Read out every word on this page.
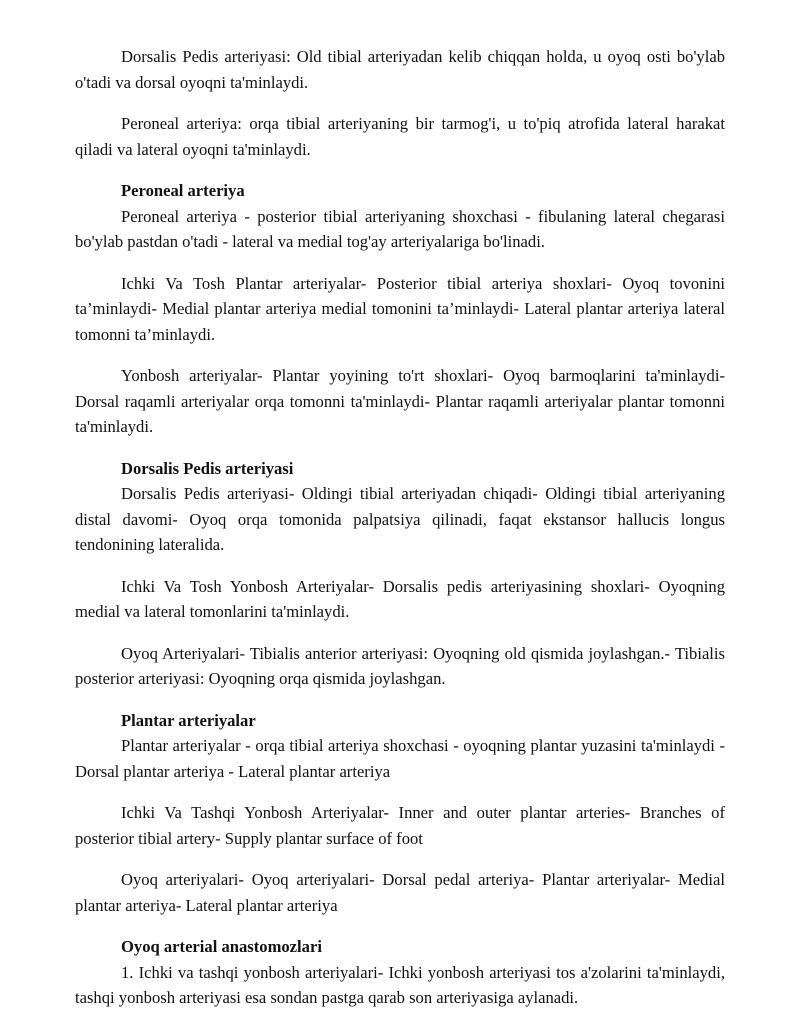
Dorsalis Pedis arteriyasi: Old tibial arteriyadan kelib chiqqan holda, u oyoq osti bo'ylab o'tadi va dorsal oyoqni ta'minlaydi.

Peroneal arteriya: orqa tibial arteriyaning bir tarmog'i, u to'piq atrofida lateral harakat qiladi va lateral oyoqni ta'minlaydi.

Peroneal arteriya

Peroneal arteriya - posterior tibial arteriyaning shoxchasi - fibulaning lateral chegarasi bo'ylab pastdan o'tadi - lateral va medial tog'ay arteriyalariga bo'linadi.

Ichki Va Tosh Plantar arteriyalar- Posterior tibial arteriya shoxlari- Oyoq tovonini ta’minlaydi- Medial plantar arteriya medial tomonini ta’minlaydi- Lateral plantar arteriya lateral tomonni ta’minlaydi.

Yonbosh arteriyalar- Plantar yoyining to'rt shoxlari- Oyoq barmoqlarini ta'minlaydi- Dorsal raqamli arteriyalar orqa tomonni ta'minlaydi- Plantar raqamli arteriyalar plantar tomonni ta'minlaydi.

Dorsalis Pedis arteriyasi

Dorsalis Pedis arteriyasi- Oldingi tibial arteriyadan chiqadi- Oldingi tibial arteriyaning distal davomi- Oyoq orqa tomonida palpatsiya qilinadi, faqat ekstansor hallucis longus tendonining lateralida.

Ichki Va Tosh Yonbosh Arteriyalar- Dorsalis pedis arteriyasining shoxlari- Oyoqning medial va lateral tomonlarini ta'minlaydi.

Oyoq Arteriyalari- Tibialis anterior arteriyasi: Oyoqning old qismida joylashgan.- Tibialis posterior arteriyasi: Oyoqning orqa qismida joylashgan.

Plantar arteriyalar

Plantar arteriyalar - orqa tibial arteriya shoxchasi - oyoqning plantar yuzasini ta'minlaydi - Dorsal plantar arteriya - Lateral plantar arteriya

Ichki Va Tashqi Yonbosh Arteriyalar- Inner and outer plantar arteries- Branches of posterior tibial artery- Supply plantar surface of foot

Oyoq arteriyalari- Oyoq arteriyalari- Dorsal pedal arteriya- Plantar arteriyalar- Medial plantar arteriya- Lateral plantar arteriya

Oyoq arterial anastomozlari

1. Ichki va tashqi yonbosh arteriyalari- Ichki yonbosh arteriyasi tos a'zolarini ta'minlaydi, tashqi yonbosh arteriyasi esa sondan pastga qarab son arteriyasiga aylanadi.
